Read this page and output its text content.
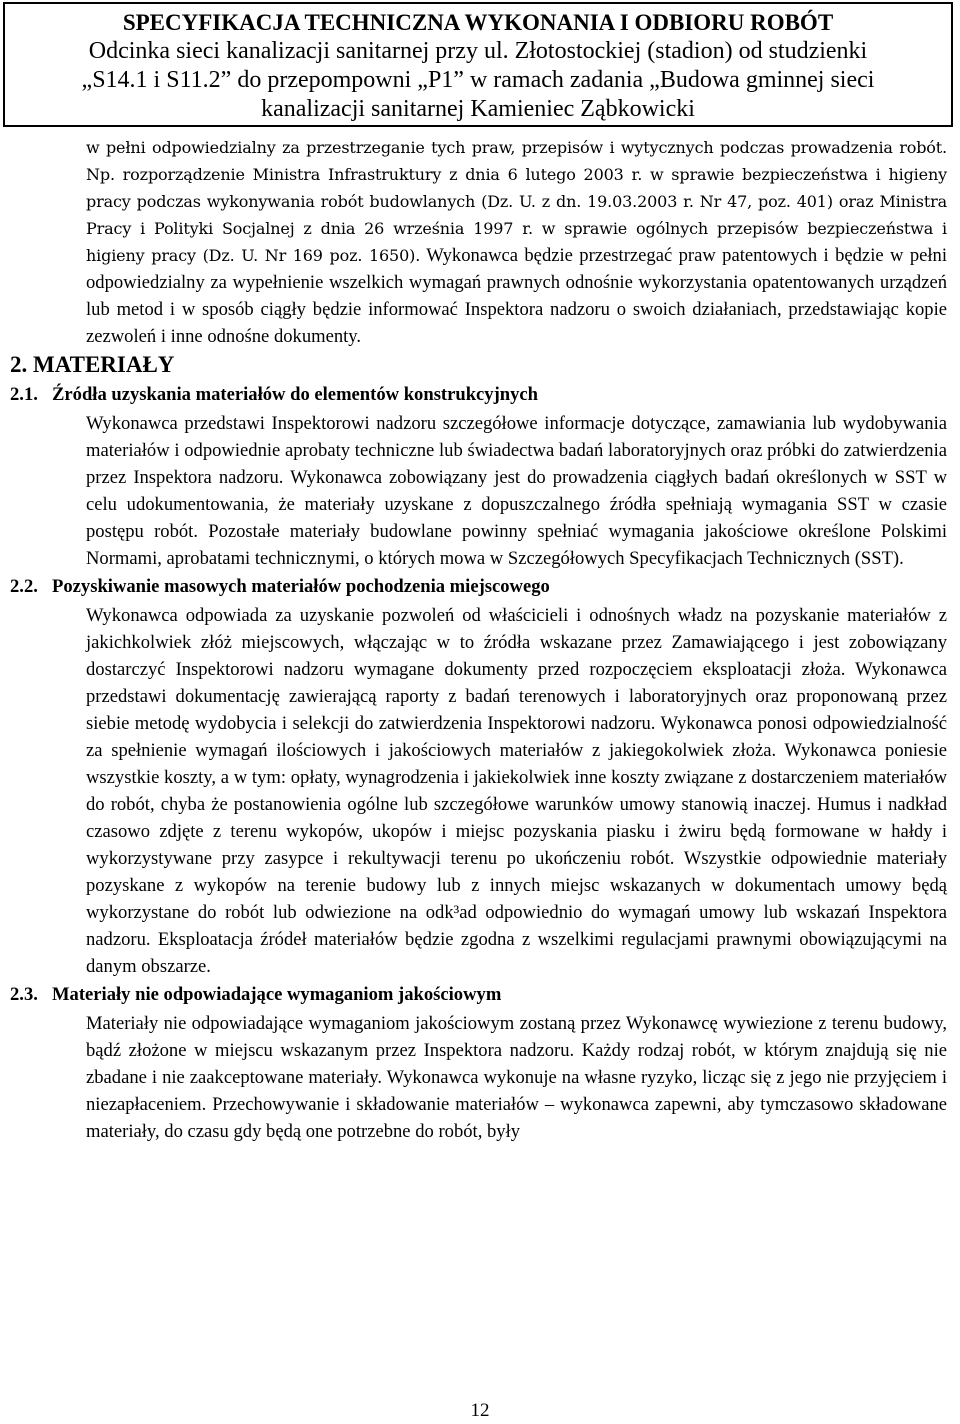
SPECYFIKACJA TECHNICZNA WYKONANIA I ODBIORU ROBÓT
Odcinka sieci kanalizacji sanitarnej przy ul. Złotostockiej (stadion) od studzienki
„S14.1 i S11.2” do przepompowni „P1” w ramach zadania „Budowa gminnej sieci
kanalizacji sanitarnej Kamieniec Ząbkowicki

w pełni odpowiedzialny za przestrzeganie tych praw, przepisów i wytycznych podczas prowadzenia robót. Np. rozporządzenie Ministra Infrastruktury z dnia 6 lutego 2003 r. w sprawie bezpieczeństwa i higieny pracy podczas wykonywania robót budowlanych (Dz. U. z dn. 19.03.2003 r. Nr 47, poz. 401) oraz Ministra Pracy i Polityki Socjalnej z dnia 26 września 1997 r. w sprawie ogólnych przepisów bezpieczeństwa i higieny pracy (Dz. U. Nr 169 poz. 1650). Wykonawca będzie przestrzegać praw patentowych i będzie w pełni odpowiedzialny za wypełnienie wszelkich wymagań prawnych odnośnie wykorzystania opatentowanych urządzeń lub metod i w sposób ciągły będzie informować Inspektora nadzoru o swoich działaniach, przedstawiając kopie zezwoleń i inne odnośne dokumenty.

2. MATERIAŁY
2.1. Źródła uzyskania materiałów do elementów konstrukcyjnych

Wykonawca przedstawi Inspektorowi nadzoru szczegółowe informacje dotyczące, zamawiania lub wydobywania materiałów i odpowiednie aprobaty techniczne lub świadectwa badań laboratoryjnych oraz próbki do zatwierdzenia przez Inspektora nadzoru. Wykonawca zobowiązany jest do prowadzenia ciągłych badań określonych w SST w celu udokumentowania, że materiały uzyskane z dopuszczalnego źródła spełniają wymagania SST w czasie postępu robót. Pozostałe materiały budowlane powinny spełniać wymagania jakościowe określone Polskimi Normami, aprobatami technicznymi, o których mowa w Szczegółowych Specyfikacjach Technicznych (SST).

2.2. Pozyskiwanie masowych materiałów pochodzenia miejscowego

Wykonawca odpowiada za uzyskanie pozwoleń od właścicieli i odnośnych władz na pozyskanie materiałów z jakichkolwiek złóż miejscowych, włączając w to źródła wskazane przez Zamawiającego i jest zobowiązany dostarczyć Inspektorowi nadzoru wymagane dokumenty przed rozpoczęciem eksploatacji złoża. Wykonawca przedstawi dokumentację zawierającą raporty z badań terenowych i laboratoryjnych oraz proponowaną przez siebie metodę wydobycia i selekcji do zatwierdzenia Inspektorowi nadzoru. Wykonawca ponosi odpowiedzialność za spełnienie wymagań ilościowych i jakościowych materiałów z jakiegokolwiek złoża. Wykonawca poniesie wszystkie koszty, a w tym: opłaty, wynagrodzenia i jakiekolwiek inne koszty związane z dostarczeniem materiałów do robót, chyba że postanowienia ogólne lub szczegółowe warunków umowy stanowią inaczej. Humus i nadkład czasowo zdjęte z terenu wykopów, ukopów i miejsc pozyskania piasku i żwiru będą formowane w hałdy i wykorzystywane przy zasypce i rekultywacji terenu po ukończeniu robót. Wszystkie odpowiednie materiały pozyskane z wykopów na terenie budowy lub z innych miejsc wskazanych w dokumentach umowy będą wykorzystane do robót lub odwiezione na odk³ad odpowiednio do wymagań umowy lub wskazań Inspektora nadzoru. Eksploatacja źródeł materiałów będzie zgodna z wszelkimi regulacjami prawnymi obowiązującymi na danym obszarze.

2.3. Materiały nie odpowiadające wymaganiom jakościowym

Materiały nie odpowiadające wymaganiom jakościowym zostaną przez Wykonawcę wywiezione z terenu budowy, bądź złożone w miejscu wskazanym przez Inspektora nadzoru. Każdy rodzaj robót, w którym znajdują się nie zbadane i nie zaakceptowane materiały. Wykonawca wykonuje na własne ryzyko, licząc się z jego nie przyjęciem i niezapłaceniem. Przechowywanie i składowanie materiałów – wykonawca zapewni, aby tymczasowo składowane materiały, do czasu gdy będą one potrzebne do robót, były

12
